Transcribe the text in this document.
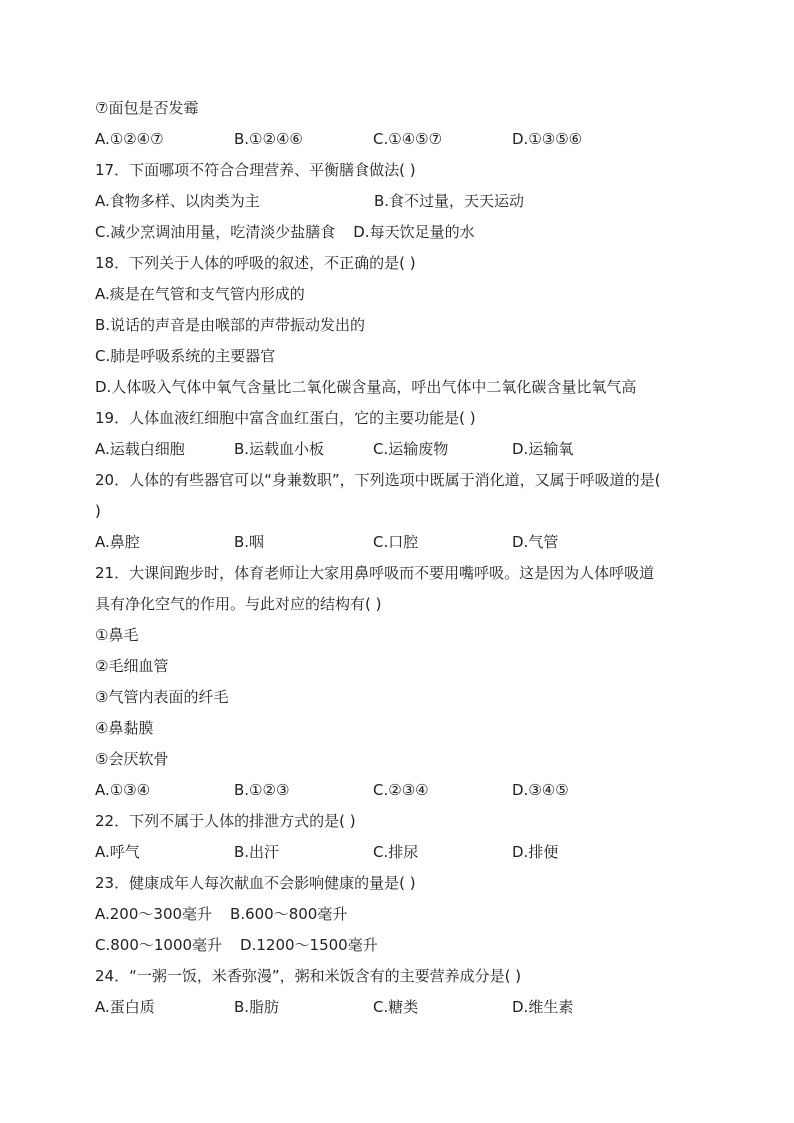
⑦面包是否发霉
A.①②④⑦	B.①②④⑥	C.①④⑤⑦	D.①③⑤⑥
17．下面哪项不符合合理营养、平衡膳食做法( )
A.食物多样、以肉类为主	B.食不过量，天天运动
C.减少烹调油用量，吃清淡少盐膳食 D.每天饮足量的水
18．下列关于人体的呼吸的叙述，不正确的是( )
A.痰是在气管和支气管内形成的
B.说话的声音是由喉部的声带振动发出的
C.肺是呼吸系统的主要器官
D.人体吸入气体中氧气含量比二氧化碳含量高，呼出气体中二氧化碳含量比氧气高
19．人体血液红细胞中富含血红蛋白，它的主要功能是( )
A.运载白细胞	B.运载血小板	C.运输废物	D.运输氧
20．人体的有些器官可以“身兼数职”，下列选项中既属于消化道，又属于呼吸道的是(
)
A.鼻腔	B.咽	C.口腔	D.气管
21．大课间跑步时，体育老师让大家用鼻呼吸而不要用嘴呼吸。这是因为人体呼吸道
具有净化空气的作用。与此对应的结构有( )
①鼻毛
②毛细血管
③气管内表面的纤毛
④鼻黏膜
⑤会厌软骨
A.①③④	B.①②③	C.②③④	D.③④⑤
22．下列不属于人体的排泄方式的是( )
A.呼气	B.出汗	C.排尿	D.排便
23．健康成年人每次献血不会影响健康的量是( )
A.200～300毫升 B.600～800毫升
C.800～1000毫升 D.1200～1500毫升
24．“一粥一饭，米香弥漫”，粥和米饭含有的主要营养成分是( )
A.蛋白质	B.脂肪	C.糖类	D.维生素
